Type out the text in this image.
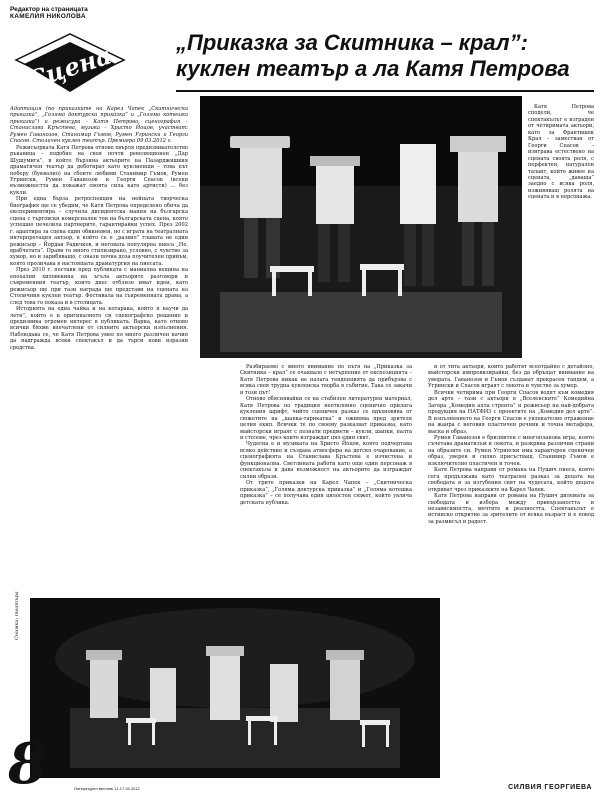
Редактор на страницата
КАМЕЛИЯ НИКОЛОВА
Сцена	„Приказка за Скитника – крал”: куклен театър а ла Катя Петрова

Адаптация (по приказките на Карел Чапек „Скитническа приказка”, „Голяма доктурска приказка” и „Голяма котешка приказка”) и режисура – Катя Петрова, сценография – Станислава Кръстева, музика – Христо Йоцов, участват: Румен Гаванозов, Станимир Гъмов, Румен Угрински и Георги Спасов. Столичен куклен театър. Премиера 09.03.2012 г.

Режисьорката Катя Петрова отново хвърля предизвикателство ръкавица – подобно на своя почти революционен „Дар Шушумига”, в който бързина актьорите на Пазарджишкия драматичен театър да деботират като куклиенщи – това път поберу (буквално) на сбоите любими Станимир Гъмов, Румен Угрински, Румен Гаванозов и Георги Спасов (всеки възможността да покажат своята сила като артисти) ... без кукли.

При една бърза ретроспекция на нейната творческа биография ще се убедим, че Катя Петрова определено обича да експериментира – случила дисидентска мания на българска сцена с търговски комерсиален тон на българската сцена, която успешно печелила партнерите, гарантирайки успех. През 2002 г. адаптира за сцена един обикновен, но с играта на театралната интерпретация актьор, в който се е „развил” главата не един режисьор – Йордан Радичков, и неговата популярна пиеса „Не, врабчетата”. Прави го много стилизирано, условно, с чувство за хумор, но и зарибяващо, с онази почна доза поучителен прийъм, която проличава в настоящата драматургия на пиесата.

През 2010 г. постави пред публиката с маниална вещина на епохални хиловекина на ъгъла актьорите разговори и съвременния театър, които днес отблизо имат идеи, като режисьор ще при тази награда ще представи на сцената на Столичния куклен театър. Фестивала на съвременната драма, а след това го показа и в столицата.

Историята на една чайка и на котарака, който я научи да лети”, който е в оригиналното си сценографско решение и предизвика огромен интерес в публиката. Варна, като отново всички бяхме впечатлени от силните актьорски изпълнения. Наблюдава се, че Катя Петрова умее по много различен начин да надгражда всеки спектакъл и да търси нови изразни средства.

Катя Петрова сподели, че спектакълът е изграден от четиримата актьори, като за Франтишек Крал – заместван от Георги Спасов – изиграва естествено на сцената своята роля, с перфектен, натурален талант, който живее на сцената, „даваща” заедно с всяка роля, изживяващ ролята на сцената и в персонажа.

Разбираемо с много внимание по пътя на „Приказка за Скитника – крал” се очаквало с нетърпение от експозицията – Катя Петрова никак не налага тенденцията да прибързва с всяка своя трудна кукленска творба в събитие. Така се закачи и този път!

Отново обяснявайки се на стабилен литературен материал, Катя Петрова по традиция неотклонно сценично прилага кукления шрифт, чийто сценичен разказ се вдъхновява от сюжетите на „шапка-тарикатка” и оживява пред зрителя целия екип. Всички те по своему разказват приказка, като майсторски играят с познати предмети – кукли, шапки, палта и столове, чрез които изграждат цял един свят.

Чудесна е и музиката на Христо Йоцов, която подчертава всяко действие и създава атмосфера на детско очарование, а сценографията на Станислава Кръстева е изчистена и функционална. Светлината работи като още един персонаж в спектакъла и дава възможност на актьорите да изграждат силни образи.

От трите приказки на Карел Чапек – „Скитническа приказка”, „Голяма доктурска приказка” и „Голяма котешка приказка” – се получава един цялостен сюжет, който увлича детската публика.

и от тита актьори, които работят всеотдайно с детайлно, майсторски импровизирайки, без да обръщат внимание на умората. Гаванозов и Гъмов създават прекрасен тандем, а Угрински и Спасов играят с лекота и чувство за хумор.

Всички четирима при Георги Спасов водят към комедия дел арте – тази с актьори в „Вселенските” Комедийна Загора „Комедия алла стренга” и режисьор на най-добрата продукция на НАТФИЗ с проектите на „Комедия дел арте”. В изпълнението на Георги Спасов е увлекателно отражение на жанра с неговия пластичен речник и точна метафора, маска и образ.

Румен Гаванозов е брилянтен с многопланова игра, която съчетава драматизъм и лекота, и разкрива различни страни на образите си. Румен Угрински има характерен сценичен образ, уверен и силно присъстващ. Станимир Гъмов е изключително пластичен и точен.

Катя Петрова направи от романа на Нушич пиеса, която сега продължава като театрален разказ за децата на свободата и за изгубения свят на чудесата, който децата откриват чрез приказките на Карел Чапек.

Катя Петрова направи от романа на Нушич дилемата за свободата и избора между привързаността и независимостта, мечтите и реалността. Спектакълът е истинско откритие за зрителите от всяка възраст и е повод за размисъл и радост.

Снимка: театъра
8	Литературен вестник 11-17.04.2012	СИЛВИЯ ГЕОРГИЕВА
